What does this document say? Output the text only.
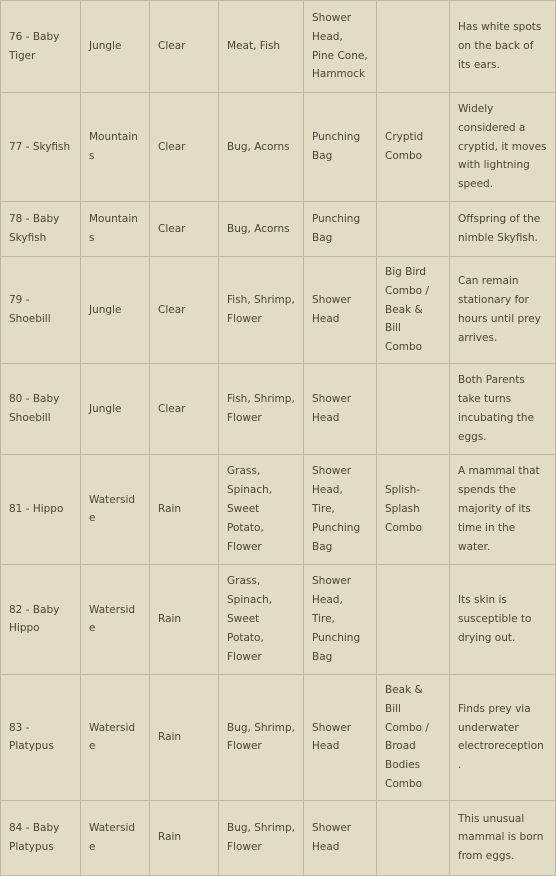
76 - Baby Tiger	Jungle	Clear	Meat, Fish	Shower Head, Pine Cone, Hammock		Has white spots on the back of its ears.
77 - Skyfish	Mountains	Clear	Bug, Acorns	Punching Bag	Cryptid Combo	Widely considered a cryptid, it moves with lightning speed.
78 - Baby Skyfish	Mountains	Clear	Bug, Acorns	Punching Bag		Offspring of the nimble Skyfish.
79 - Shoebill	Jungle	Clear	Fish, Shrimp, Flower	Shower Head	Big Bird Combo / Beak & Bill Combo	Can remain stationary for hours until prey arrives.
80 - Baby Shoebill	Jungle	Clear	Fish, Shrimp, Flower	Shower Head		Both Parents take turns incubating the eggs.
81 - Hippo	Waterside	Rain	Grass, Spinach, Sweet Potato, Flower	Shower Head, Tire, Punching Bag	Splish-Splash Combo	A mammal that spends the majority of its time in the water.
82 - Baby Hippo	Waterside	Rain	Grass, Spinach, Sweet Potato, Flower	Shower Head, Tire, Punching Bag		Its skin is susceptible to drying out.
83 - Platypus	Waterside	Rain	Bug, Shrimp, Flower	Shower Head	Beak & Bill Combo / Broad Bodies Combo	Finds prey via underwater electroreception.
84 - Baby Platypus	Waterside	Rain	Bug, Shrimp, Flower	Shower Head		This unusual mammal is born from eggs.
